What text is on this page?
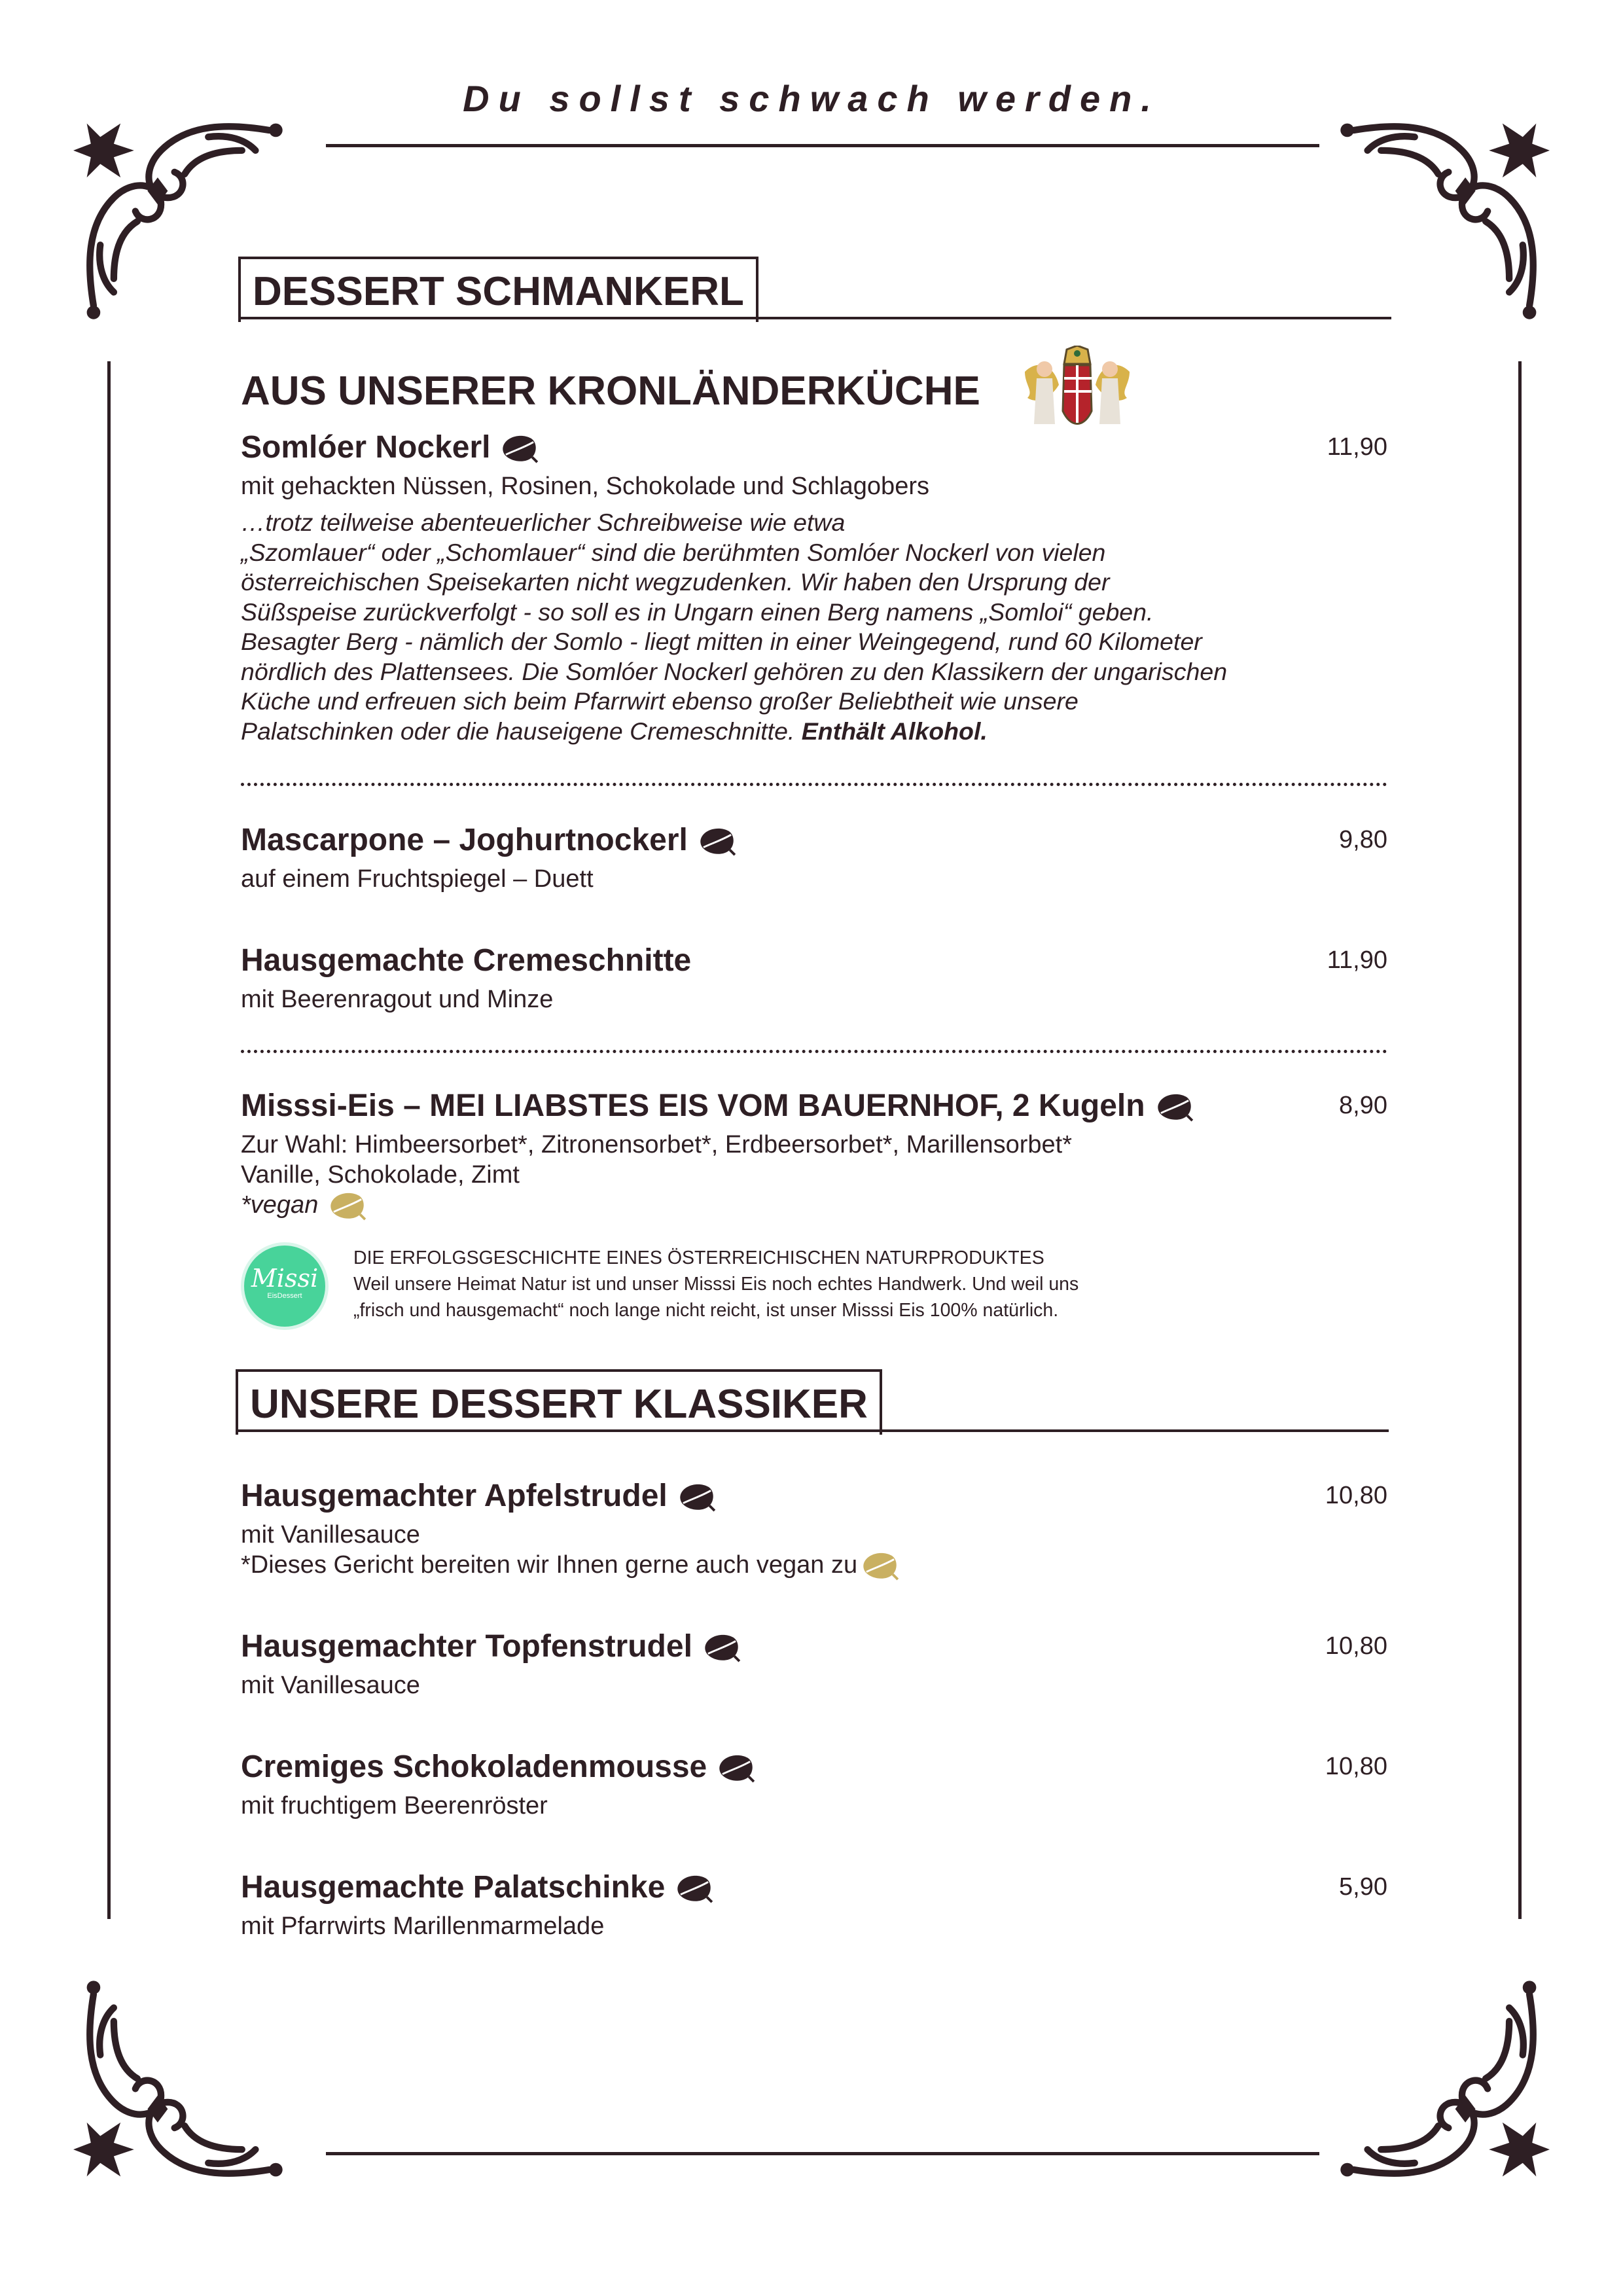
Du sollst schwach werden.
DESSERT SCHMANKERL
AUS UNSERER KRONLÄNDERKÜCHE
Somlóer Nockerl	11,90
mit gehackten Nüssen, Rosinen, Schokolade und Schlagobers
…trotz teilweise abenteuerlicher Schreibweise wie etwa
„Szomlauer“ oder „Schomlauer“ sind die berühmten Somlóer Nockerl von vielen
österreichischen Speisekarten nicht wegzudenken. Wir haben den Ursprung der
Süßspeise zurückverfolgt - so soll es in Ungarn einen Berg namens „Somloi“ geben.
Besagter Berg - nämlich der Somlo - liegt mitten in einer Weingegend, rund 60 Kilometer
nördlich des Plattensees. Die Somlóer Nockerl gehören zu den Klassikern der ungarischen
Küche und erfreuen sich beim Pfarrwirt ebenso großer Beliebtheit wie unsere
Palatschinken oder die hauseigene Cremeschnitte. Enthält Alkohol.
Mascarpone – Joghurtnockerl	9,80
auf einem Fruchtspiegel – Duett
Hausgemachte Cremeschnitte	11,90
mit Beerenragout und Minze
Misssi-Eis – MEI LIABSTES EIS VOM BAUERNHOF, 2 Kugeln	8,90
Zur Wahl: Himbeersorbet*, Zitronensorbet*, Erdbeersorbet*, Marillensorbet*
Vanille, Schokolade, Zimt
*vegan
Missi
EisDessert
DIE ERFOLGSGESCHICHTE EINES ÖSTERREICHISCHEN NATURPRODUKTES
Weil unsere Heimat Natur ist und unser Misssi Eis noch echtes Handwerk. Und weil uns
„frisch und hausgemacht“ noch lange nicht reicht, ist unser Misssi Eis 100% natürlich.
UNSERE DESSERT KLASSIKER
Hausgemachter Apfelstrudel	10,80
mit Vanillesauce
*Dieses Gericht bereiten wir Ihnen gerne auch vegan zu
Hausgemachter Topfenstrudel	10,80
mit Vanillesauce
Cremiges Schokoladenmousse	10,80
mit fruchtigem Beerenröster
Hausgemachte Palatschinke	5,90
mit Pfarrwirts Marillenmarmelade
